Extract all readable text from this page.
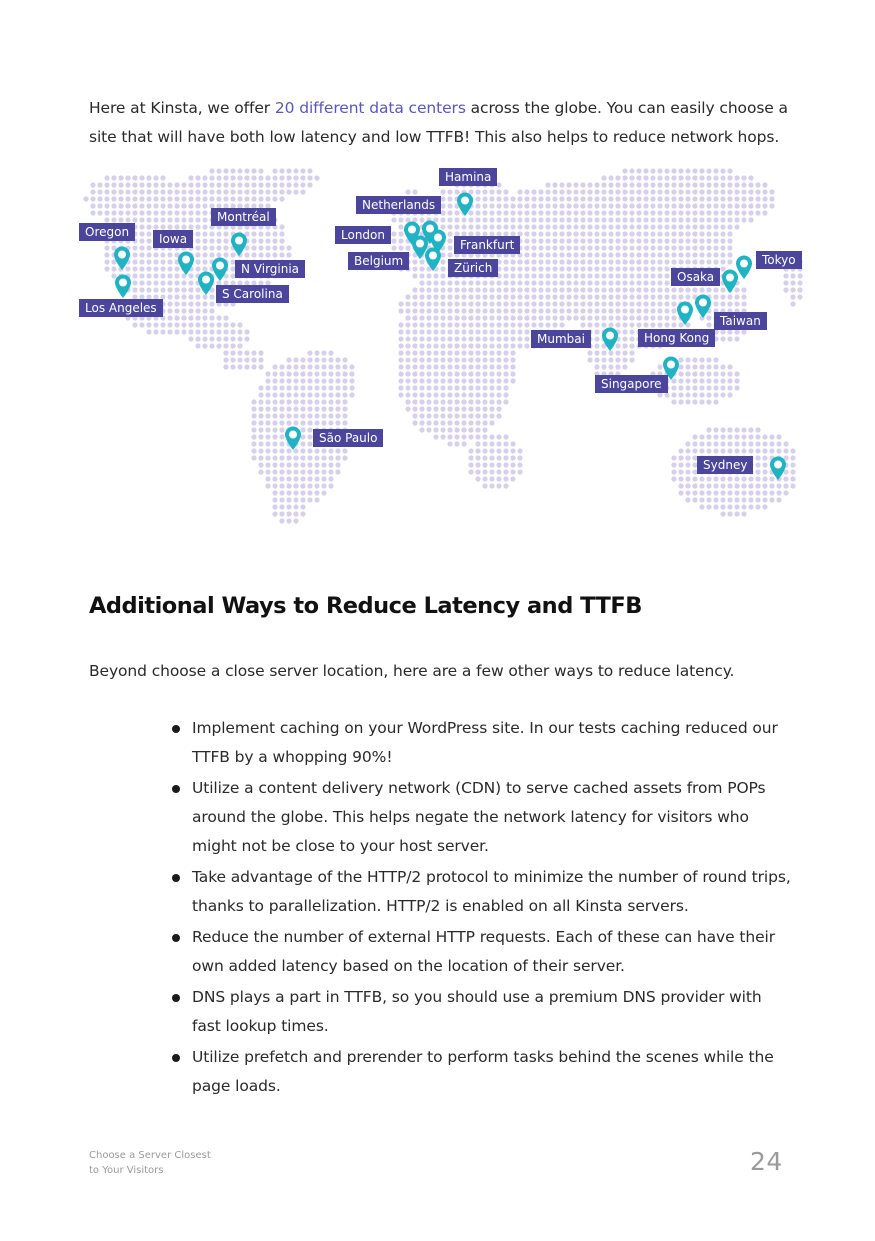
Here at Kinsta, we offer 20 different data centers across the globe. You can easily choose a site that will have both low latency and low TTFB! This also helps to reduce network hops.

Oregon
Los Angeles
Iowa
Montréal
N Virginia
S Carolina
São Paulo
London
Belgium
Netherlands
Hamina
Frankfurt
Zürich
Mumbai
Singapore
Hong Kong
Taiwan
Osaka
Tokyo
Sydney
Additional Ways to Reduce Latency and TTFB

Beyond choose a close server location, here are a few other ways to reduce latency.

Implement caching on your WordPress site. In our tests caching reduced our TTFB by a whopping 90%!
Utilize a content delivery network (CDN) to serve cached assets from POPs around the globe. This helps negate the network latency for visitors who might not be close to your host server.
Take advantage of the HTTP/2 protocol to minimize the number of round trips, thanks to parallelization. HTTP/2 is enabled on all Kinsta servers.
Reduce the number of external HTTP requests. Each of these can have their own added latency based on the location of their server.
DNS plays a part in TTFB, so you should use a premium DNS provider with fast lookup times.
Utilize prefetch and prerender to perform tasks behind the scenes while the page loads.
Choose a Server Closest
to Your Visitors	24
